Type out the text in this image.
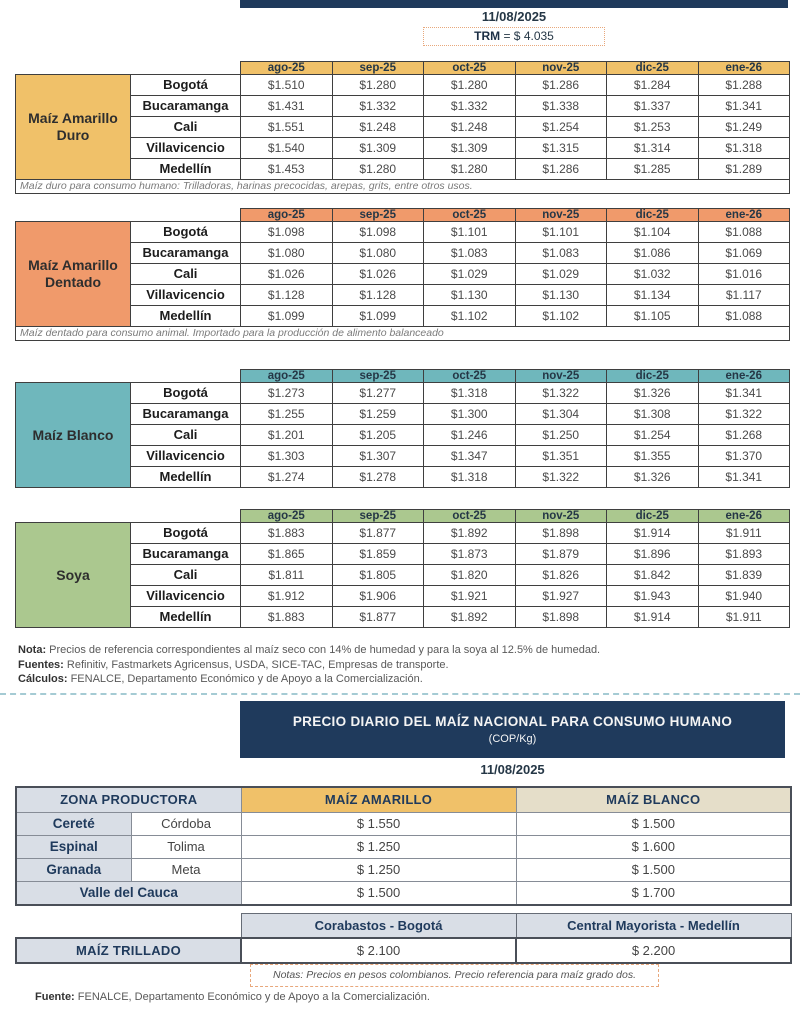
11/08/2025
TRM = $ 4.035
		ago-25	sep-25	oct-25	nov-25	dic-25	ene-26
Maíz Amarillo Duro	Bogotá	$1.510	$1.280	$1.280	$1.286	$1.284	$1.288
	Bucaramanga	$1.431	$1.332	$1.332	$1.338	$1.337	$1.341
	Cali	$1.551	$1.248	$1.248	$1.254	$1.253	$1.249
	Villavicencio	$1.540	$1.309	$1.309	$1.315	$1.314	$1.318
	Medellín	$1.453	$1.280	$1.280	$1.286	$1.285	$1.289
Maíz duro para consumo humano: Trilladoras, harinas precocidas, arepas, grits, entre otros usos.							
		ago-25	sep-25	oct-25	nov-25	dic-25	ene-26
Maíz Amarillo Dentado	Bogotá	$1.098	$1.098	$1.101	$1.101	$1.104	$1.088
	Bucaramanga	$1.080	$1.080	$1.083	$1.083	$1.086	$1.069
	Cali	$1.026	$1.026	$1.029	$1.029	$1.032	$1.016
	Villavicencio	$1.128	$1.128	$1.130	$1.130	$1.134	$1.117
	Medellín	$1.099	$1.099	$1.102	$1.102	$1.105	$1.088
Maíz dentado para consumo animal. Importado para la producción de alimento balanceado							
		ago-25	sep-25	oct-25	nov-25	dic-25	ene-26
Maíz Blanco	Bogotá	$1.273	$1.277	$1.318	$1.322	$1.326	$1.341
	Bucaramanga	$1.255	$1.259	$1.300	$1.304	$1.308	$1.322
	Cali	$1.201	$1.205	$1.246	$1.250	$1.254	$1.268
	Villavicencio	$1.303	$1.307	$1.347	$1.351	$1.355	$1.370
	Medellín	$1.274	$1.278	$1.318	$1.322	$1.326	$1.341
		ago-25	sep-25	oct-25	nov-25	dic-25	ene-26
Soya	Bogotá	$1.883	$1.877	$1.892	$1.898	$1.914	$1.911
	Bucaramanga	$1.865	$1.859	$1.873	$1.879	$1.896	$1.893
	Cali	$1.811	$1.805	$1.820	$1.826	$1.842	$1.839
	Villavicencio	$1.912	$1.906	$1.921	$1.927	$1.943	$1.940
	Medellín	$1.883	$1.877	$1.892	$1.898	$1.914	$1.911
Nota: Precios de referencia correspondientes al maíz seco con 14% de humedad y para la soya al 12.5% de humedad.
Fuentes: Refinitiv, Fastmarkets Agricensus, USDA, SICE-TAC, Empresas de transporte.
Cálculos: FENALCE, Departamento Económico y de Apoyo a la Comercialización.
PRECIO DIARIO DEL MAÍZ NACIONAL PARA CONSUMO HUMANO
(COP/Kg)
11/08/2025
ZONA PRODUCTORA		MAÍZ AMARILLO	MAÍZ BLANCO
Cereté	Córdoba	$ 1.550	$ 1.500
Espinal	Tolima	$ 1.250	$ 1.600
Granada	Meta	$ 1.250	$ 1.500
Valle del Cauca		$ 1.500	$ 1.700
	Corabastos - Bogotá	Central Mayorista - Medellín
MAÍZ TRILLADO	$ 2.100	$ 2.200
Notas: Precios en pesos colombianos. Precio referencia para maíz grado dos.
Fuente: FENALCE, Departamento Económico y de Apoyo a la Comercialización.
